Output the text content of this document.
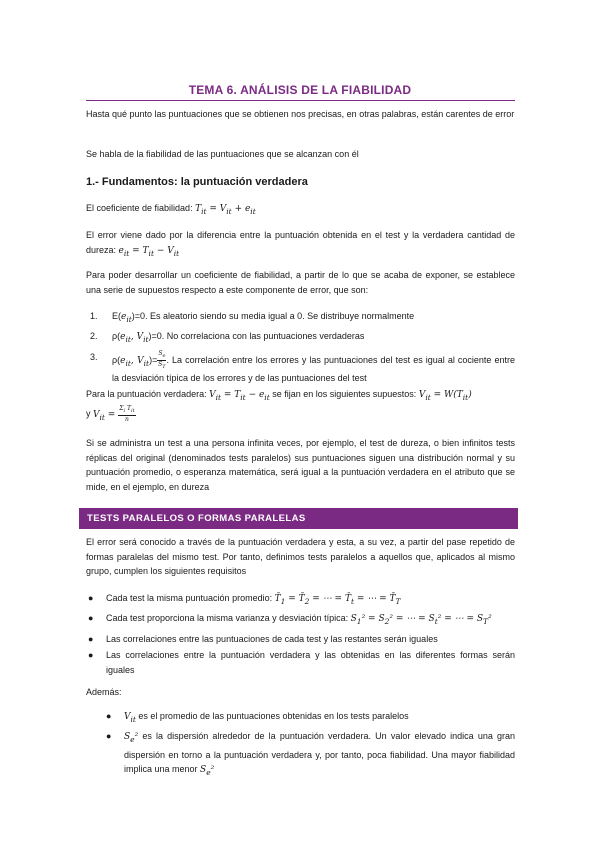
TEMA 6. ANÁLISIS DE LA FIABILIDAD

Hasta qué punto las puntuaciones que se obtienen nos precisas, en otras palabras, están carentes de error

Se habla de la fiabilidad de las puntuaciones que se alcanzan con él

1.- Fundamentos: la puntuación verdadera

El coeficiente de fiabilidad: $T_{it} = V_{it} + e_{it}$

El error viene dado por la diferencia entre la puntuación obtenida en el test y la verdadera cantidad de dureza: $e_{it} = T_{it} - V_{it}$

Para poder desarrollar un coeficiente de fiabilidad, a partir de lo que se acaba de exponer, se establece una serie de supuestos respecto a este componente de error, que son:

1. $E(e_{it})=0$. Es aleatorio siendo su media igual a 0. Se distribuye normalmente
2. $\rho(e_{it}$, $V_{it})=0$. No correlaciona con las puntuaciones verdaderas
3. $\rho(e_{it}$, $V_{it})= \frac{S_e}{S_T}$ . La correlación entre los errores y las puntuaciones del test es igual al cociente entre la desviación típica de los errores y de las puntuaciones del test

Para la puntuación verdadera: $V_{it} = T_{it} - e_{it}$ se fijan en los siguientes supuestos: $V_{it} = W(T_{it})$
y $V_{it} = \frac{\Sigma_i T_{it}}{n}$

Si se administra un test a una persona infinita veces, por ejemplo, el test de dureza, o bien infinitos tests réplicas del original (denominados tests paralelos) sus puntuaciones siguen una distribución normal y su puntuación promedio, o esperanza matemática, será igual a la puntuación verdadera en el atributo que se mide, en el ejemplo, en dureza

TESTS PARALELOS O FORMAS PARALELAS

El error será conocido a través de la puntuación verdadera y esta, a su vez, a partir del pase repetido de formas paralelas del mismo test. Por tanto, definimos tests paralelos a aquellos que, aplicados al mismo grupo, cumplen los siguientes requisitos

● Cada test la misma puntuación promedio: $T̄_1$ = $T̄_2$ = ⋯ = $T̄_t$ = ⋯ = $T̄_T$
● Cada test proporciona la misma varianza y desviación típica: $S_1^2 = S_2^2$ = ⋯ = $S_t^2$ = ⋯ = $S_T^2$
● Las correlaciones entre las puntuaciones de cada test y las restantes serán iguales
● Las correlaciones entre la puntuación verdadera y las obtenidas en las diferentes formas serán iguales

Además:

● $V_{it}$ es el promedio de las puntuaciones obtenidas en los tests paralelos
● $S_e^2$ es la dispersión alrededor de la puntuación verdadera. Un valor elevado indica una gran dispersión en torno a la puntuación verdadera y, por tanto, poca fiabilidad. Una mayor fiabilidad implica una menor $S_e^2$
